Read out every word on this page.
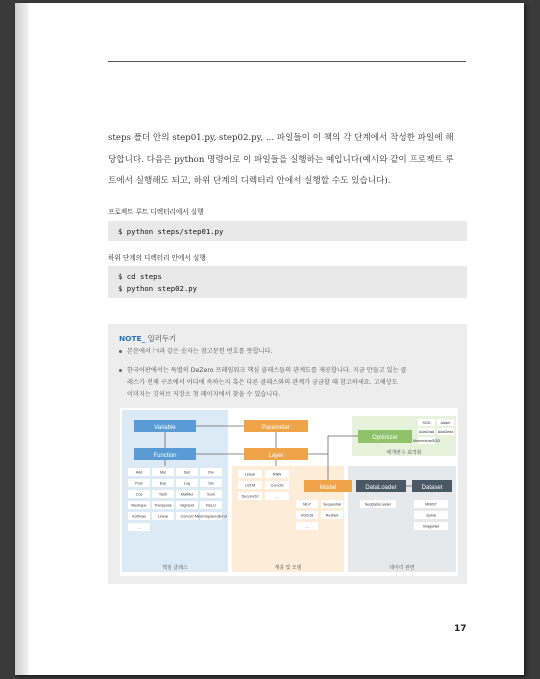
steps 폴더 안의 step01.py, step02.py, ... 파일들이 이 책의 각 단계에서 작성한 파일에 해
당합니다. 다음은 python 명령어로 이 파일들을 실행하는 예입니다(예시와 같이 프로젝트 루
트에서 실행해도 되고, 하위 단계의 디렉터리 안에서 실행할 수도 있습니다).
프로젝트 루트 디렉터리에서 실행
$ python steps/step01.py
하위 단계의 디렉터리 안에서 실행
$ cd steps
$ python step02.py
NOTE_ 일러두기
본문에서 ㈀과 같은 숫자는 참고문헌 번호를 뜻합니다.
한국어판에서는 특별히 DeZero 프레임워크 핵심 클래스들의 관계도를 제공합니다. 지금 만들고 있는 클
래스가 전체 구조에서 어디에 속하는지 혹은 다른 클래스와의 관계가 궁금할 때 참고하세요. 고해상도
이미지는 깃허브 저장소 첫 페이지에서 찾을 수 있습니다.
Variable
Function
Parameter
Layer
Model
Optimizer
DataLoader	Dataset
Add	Mul	Sub	Div
Pow	Exp	Log	Sin
Cos	Tanh	MatMul	Sum
Reshape Transpose Sigmoid	ReLU
Softmax	Linear	Conv2d MeanSquaredError
...
Linear	RNN
LSTM	Conv2d
Deconv2d	...
SGD	Adam
AdaGrad AdaDelta
MomentumSGD
MLP	Sequential
VGG16	ResNet
...
SeqDataLoader	MNIST
Spiral
ImageNet
핵심 클래스	계층 및 모델
매개변수 최적화
데이터 관련
17
